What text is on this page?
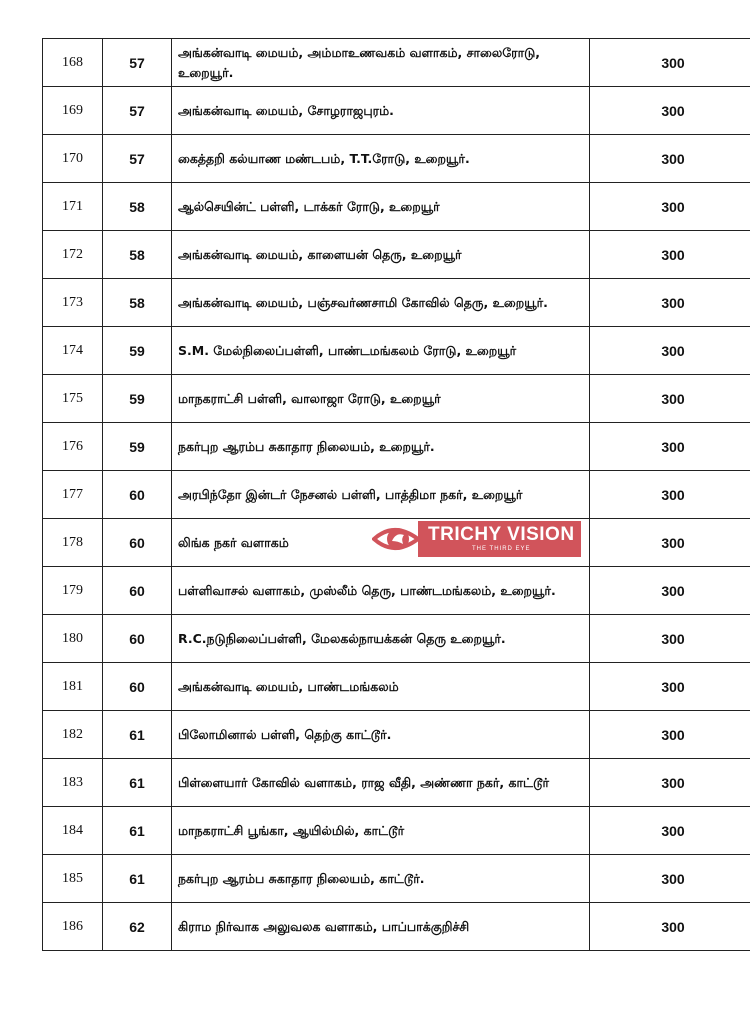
168	57	அங்கன்வாடி மையம், அம்மாஉணவகம் வளாகம், சாலைரோடு, உறையூர்.	300
169	57	அங்கன்வாடி மையம், சோழராஜபுரம்.	300
170	57	கைத்தறி கல்யாண மண்டபம், T.T.ரோடு, உறையூர்.	300
171	58	ஆல்செயின்ட் பள்ளி, டாக்கர் ரோடு, உறையூர்	300
172	58	அங்கன்வாடி மையம், காளையன் தெரு, உறையூர்	300
173	58	அங்கன்வாடி மையம், பஞ்சவர்ணசாமி கோவில் தெரு, உறையூர்.	300
174	59	S.M. மேல்நிலைப்பள்ளி, பாண்டமங்கலம் ரோடு, உறையூர்	300
175	59	மாநகராட்சி பள்ளி, வாலாஜா ரோடு, உறையூர்	300
176	59	நகர்புற ஆரம்ப சுகாதார நிலையம், உறையூர்.	300
177	60	அரபிந்தோ இன்டர் நேசனல் பள்ளி, பாத்திமா நகர், உறையூர்	300
178	60	லிங்க நகர் வளாகம்	300
179	60	பள்ளிவாசல் வளாகம், முஸ்லீம் தெரு, பாண்டமங்கலம், உறையூர்.	300
180	60	R.C.நடுநிலைப்பள்ளி, மேலகல்நாயக்கன் தெரு உறையூர்.	300
181	60	அங்கன்வாடி மையம், பாண்டமங்கலம்	300
182	61	பிலோமினால் பள்ளி, தெற்கு காட்டூர்.	300
183	61	பிள்ளையார் கோவில் வளாகம், ராஜ வீதி, அண்ணா நகர், காட்டூர்	300
184	61	மாநகராட்சி பூங்கா, ஆயில்மில், காட்டூர்	300
185	61	நகர்புற ஆரம்ப சுகாதார நிலையம், காட்டூர்.	300
186	62	கிராம நிர்வாக அலுவலக வளாகம், பாப்பாக்குறிச்சி	300
TRICHY VISION
THE THIRD EYE
